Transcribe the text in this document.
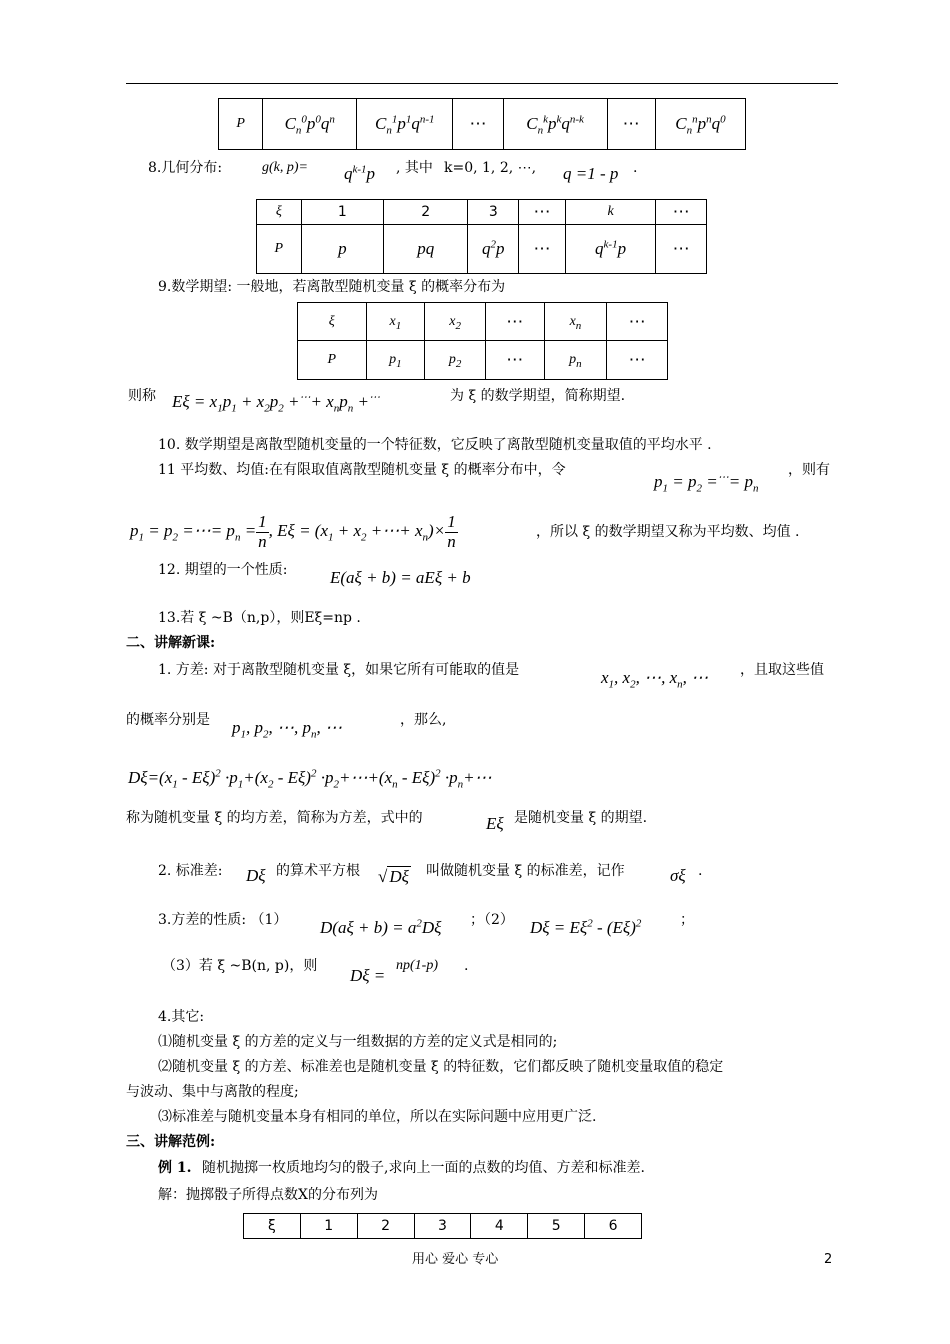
P	$C_n^0p^0q^n$	$C_n^1p^1q^{n-1}$	⋯	$C_n^kp^kq^{n-k}$	⋯	$C_n^np^nq^0$
8.几何分布:	g(k, $p)= q^{k-1}p$ , 其中 k=0, 1, 2, ⋯, q =1 - p .
ξ	1	2	3	⋯	k	⋯
P	p	pq	$q^2p$	⋯	$q^{k-1}p$	⋯
9.数学期望: 一般地，若离散型随机变量 ξ 的概率分布为
ξ	$x_1$	$x_2$	⋯	$x_n$	⋯
P	$p_1$	$p_2$	⋯	$p_n$	⋯
则称 $E\xi = x_1p_1 + x_2p_2 +^\cdots+ x_np_n +^\cdots$	为 ξ 的数学期望，简称期望.
10. 数学期望是离散型随机变量的一个特征数，它反映了离散型随机变量取值的平均水平 .
11 平均数、均值:在有限取值离散型随机变量 ξ 的概率分布中，令
$p_1 = p_2 =^\cdots= p_n$
，则有
$p_1 = p_2$ =⋯= $p_n = \frac{1}{n}$ , $E\xi = (x_1 + x_2$ +⋯+ $x_n)\times \frac{1}{n}$	，所以 ξ 的数学期望又称为平均数、均值 .
12. 期望的一个性质:	E(aξ + b) = aEξ + b
13.若 ξ ~B（n,p），则Eξ=np .
二、讲解新课:
1. 方差: 对于离散型随机变量 ξ，如果它所有可能取的值是	$x_1$, $x_2$, ⋯, $x_n$, ⋯ ，且取这些值
的概率分别是 $p_1$, $p_2$, ⋯, $p_n$, ⋯	，那么,
$D\xi=(x_1 - E\xi)^2 \cdot p_1+(x_2 - E\xi)^2$ $\cdot p_2+\cdots+(x_n - E\xi)^2$ $\cdot p_n+\cdots$
称为随机变量 ξ 的均方差，简称为方差，式中的	Eξ 是随机变量 ξ 的期望.
2. 标准差: Dξ 的算术平方根 √ Dξ 叫做随机变量 ξ 的标准差，记作	σξ .
3.方差的性质: （1） $D(a\xi + b) = a^2D\xi$ ；（2） $D\xi = E\xi^2 - (E\xi)^2$	；
（3）若 ξ ~B(n, p)，则 Dξ =
np(1-p) .
4.其它:
⑴随机变量 ξ 的方差的定义与一组数据的方差的定义式是相同的;
⑵随机变量 ξ 的方差、标准差也是随机变量 ξ 的特征数，它们都反映了随机变量取值的稳定
与波动、集中与离散的程度;
⑶标准差与随机变量本身有相同的单位，所以在实际问题中应用更广泛.
三、讲解范例:
例 1. 随机抛掷一枚质地均匀的骰子,求向上一面的点数的均值、方差和标准差.
解：抛掷骰子所得点数X的分布列为
ξ	1	2	3	4	5	6
用心 爱心 专心	2
